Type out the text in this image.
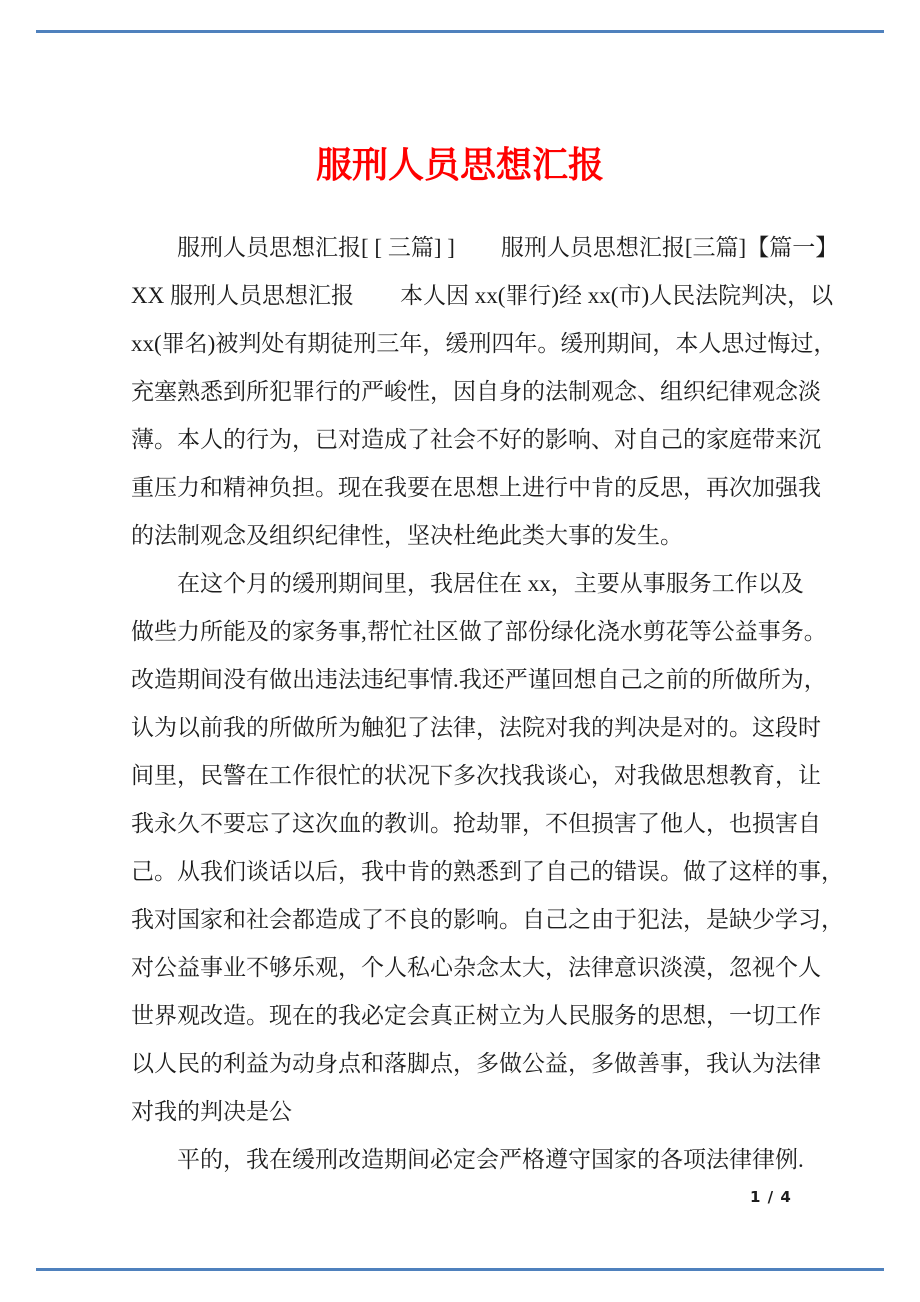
服刑人员思想汇报
　　服刑人员思想汇报[ [ 三篇] ]　　服刑人员思想汇报[三篇]【篇一】
XX 服刑人员思想汇报　　本人因 xx(罪行)经 xx(市)人民法院判决，以
xx(罪名)被判处有期徒刑三年，缓刑四年。缓刑期间，本人思过悔过，
充塞熟悉到所犯罪行的严峻性，因自身的法制观念、组织纪律观念淡
薄。本人的行为，已对造成了社会不好的影响、对自己的家庭带来沉
重压力和精神负担。现在我要在思想上进行中肯的反思，再次加强我
的法制观念及组织纪律性，坚决杜绝此类大事的发生。
　　在这个月的缓刑期间里，我居住在 xx，主要从事服务工作以及
做些力所能及的家务事,帮忙社区做了部份绿化浇水剪花等公益事务。
改造期间没有做出违法违纪事情.我还严谨回想自己之前的所做所为，
认为以前我的所做所为触犯了法律，法院对我的判决是对的。这段时
间里，民警在工作很忙的状况下多次找我谈心，对我做思想教育，让
我永久不要忘了这次血的教训。抢劫罪，不但损害了他人，也损害自
己。从我们谈话以后，我中肯的熟悉到了自己的错误。做了这样的事，
我对国家和社会都造成了不良的影响。自己之由于犯法，是缺少学习，
对公益事业不够乐观，个人私心杂念太大，法律意识淡漠，忽视个人
世界观改造。现在的我必定会真正树立为人民服务的思想，一切工作
以人民的利益为动身点和落脚点，多做公益，多做善事，我认为法律
对我的判决是公
　　平的，我在缓刑改造期间必定会严格遵守国家的各项法律律例.
1 / 4
